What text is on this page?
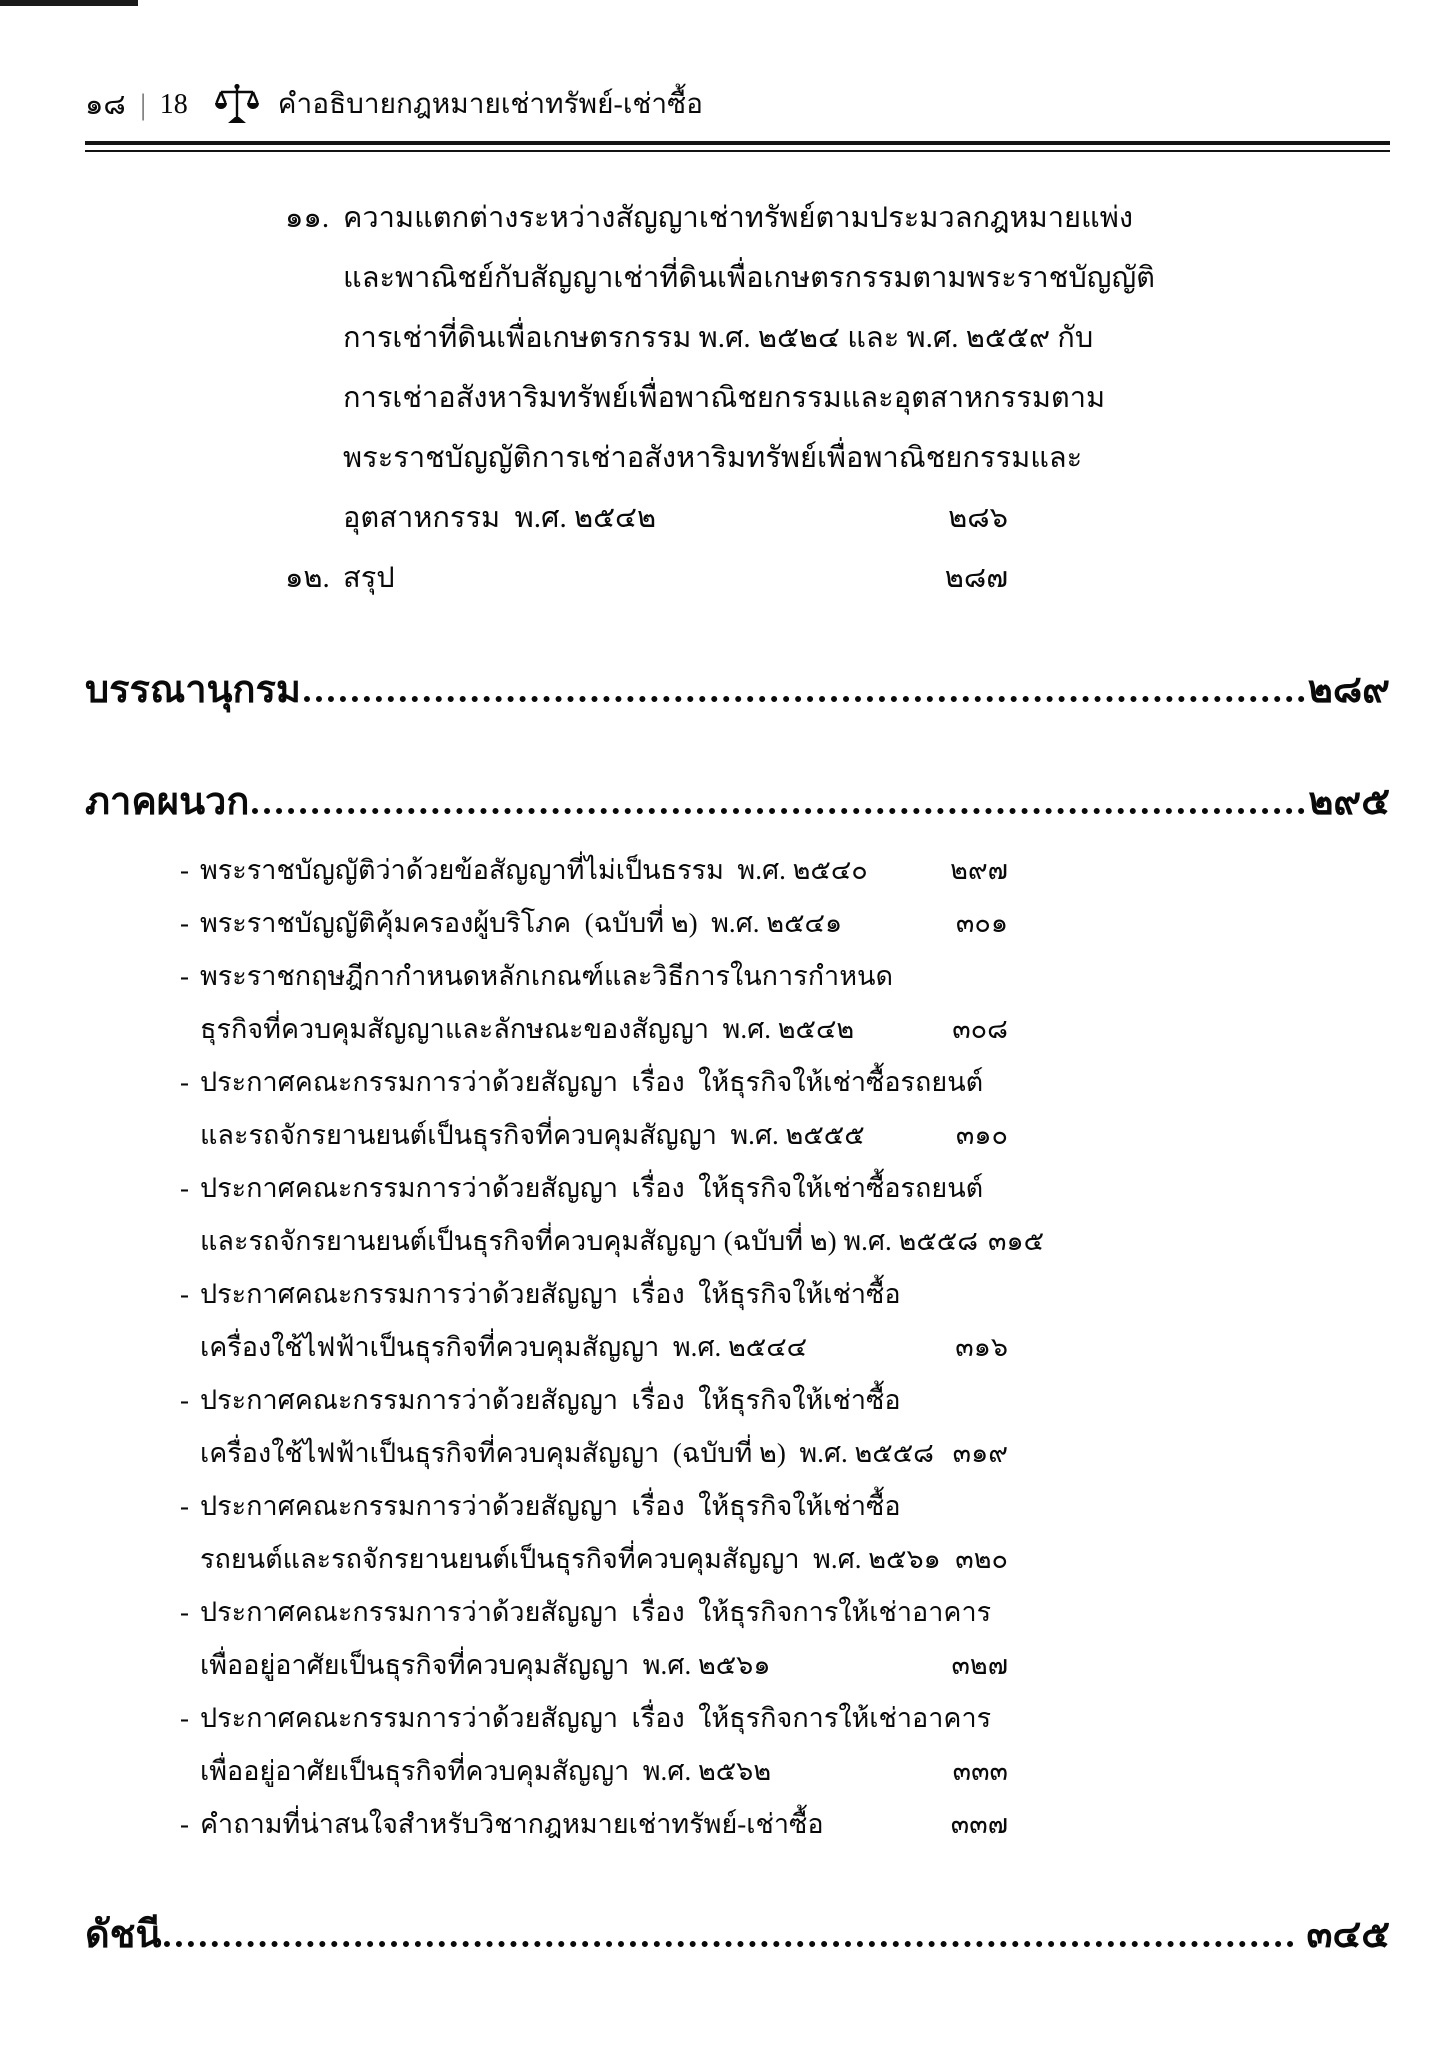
๑๘ | 18	คำอธิบายกฎหมายเช่าทรัพย์-เช่าซื้อ
๑๑. ความแตกต่างระหว่างสัญญาเช่าทรัพย์ตามประมวลกฎหมายแพ่ง
และพาณิชย์กับสัญญาเช่าที่ดินเพื่อเกษตรกรรมตามพระราชบัญญัติ
การเช่าที่ดินเพื่อเกษตรกรรม พ.ศ. ๒๕๒๔ และ พ.ศ. ๒๕๕๙ กับ
การเช่าอสังหาริมทรัพย์เพื่อพาณิชยกรรมและอุตสาหกรรมตาม
พระราชบัญญัติการเช่าอสังหาริมทรัพย์เพื่อพาณิชยกรรมและ
อุตสาหกรรม  พ.ศ. ๒๕๔๒	๒๘๖
๑๒. สรุป	๒๘๗
บรรณานุกรม	๒๘๙
ภาคผนวก	๒๙๕
- พระราชบัญญัติว่าด้วยข้อสัญญาที่ไม่เป็นธรรม  พ.ศ. ๒๕๔๐	๒๙๗
- พระราชบัญญัติคุ้มครองผู้บริโภค  (ฉบับที่ ๒)  พ.ศ. ๒๕๔๑	๓๐๑
- พระราชกฤษฎีกากำหนดหลักเกณฑ์และวิธีการในการกำหนด
ธุรกิจที่ควบคุมสัญญาและลักษณะของสัญญา  พ.ศ. ๒๕๔๒	๓๐๘
- ประกาศคณะกรรมการว่าด้วยสัญญา  เรื่อง  ให้ธุรกิจให้เช่าซื้อรถยนต์
และรถจักรยานยนต์เป็นธุรกิจที่ควบคุมสัญญา  พ.ศ. ๒๕๕๕	๓๑๐
- ประกาศคณะกรรมการว่าด้วยสัญญา  เรื่อง  ให้ธุรกิจให้เช่าซื้อรถยนต์
และรถจักรยานยนต์เป็นธุรกิจที่ควบคุมสัญญา (ฉบับที่ ๒) พ.ศ. ๒๕๕๘ ๓๑๕
- ประกาศคณะกรรมการว่าด้วยสัญญา  เรื่อง  ให้ธุรกิจให้เช่าซื้อ
เครื่องใช้ไฟฟ้าเป็นธุรกิจที่ควบคุมสัญญา  พ.ศ. ๒๕๔๔	๓๑๖
- ประกาศคณะกรรมการว่าด้วยสัญญา  เรื่อง  ให้ธุรกิจให้เช่าซื้อ
เครื่องใช้ไฟฟ้าเป็นธุรกิจที่ควบคุมสัญญา  (ฉบับที่ ๒)  พ.ศ. ๒๕๕๘ ๓๑๙
- ประกาศคณะกรรมการว่าด้วยสัญญา  เรื่อง  ให้ธุรกิจให้เช่าซื้อ
รถยนต์และรถจักรยานยนต์เป็นธุรกิจที่ควบคุมสัญญา  พ.ศ. ๒๕๖๑ ๓๒๐
- ประกาศคณะกรรมการว่าด้วยสัญญา  เรื่อง  ให้ธุรกิจการให้เช่าอาคาร
เพื่ออยู่อาศัยเป็นธุรกิจที่ควบคุมสัญญา  พ.ศ. ๒๕๖๑	๓๒๗
- ประกาศคณะกรรมการว่าด้วยสัญญา  เรื่อง  ให้ธุรกิจการให้เช่าอาคาร
เพื่ออยู่อาศัยเป็นธุรกิจที่ควบคุมสัญญา  พ.ศ. ๒๕๖๒	๓๓๓
- คำถามที่น่าสนใจสำหรับวิชากฎหมายเช่าทรัพย์-เช่าซื้อ	๓๓๗
ดัชนี	๓๔๕
